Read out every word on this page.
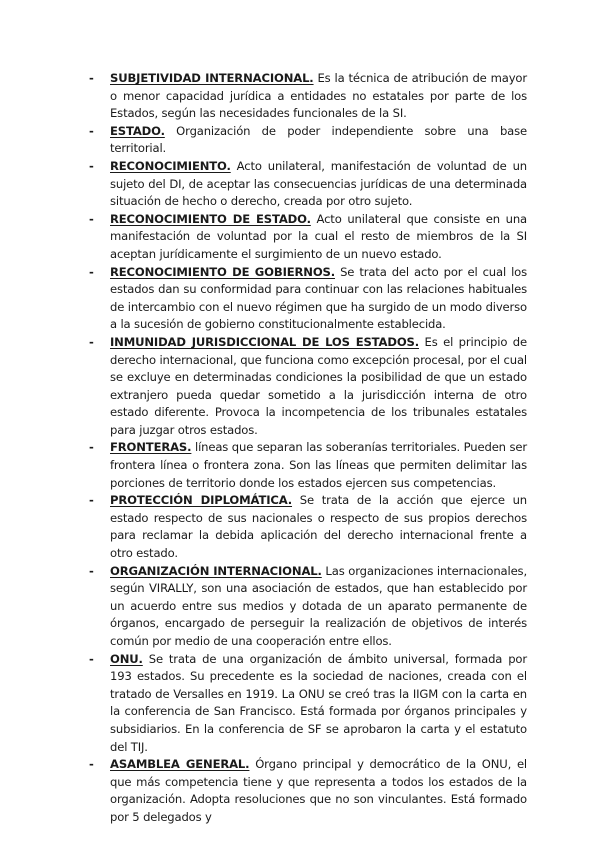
- SUBJETIVIDAD INTERNACIONAL. Es la técnica de atribución de mayor o menor capacidad jurídica a entidades no estatales por parte de los Estados, según las necesidades funcionales de la SI.
- ESTADO. Organización de poder independiente sobre una base territorial.
- RECONOCIMIENTO. Acto unilateral, manifestación de voluntad de un sujeto del DI, de aceptar las consecuencias jurídicas de una determinada situación de hecho o derecho, creada por otro sujeto.
- RECONOCIMIENTO DE ESTADO. Acto unilateral que consiste en una manifestación de voluntad por la cual el resto de miembros de la SI aceptan jurídicamente el surgimiento de un nuevo estado.
- RECONOCIMIENTO DE GOBIERNOS. Se trata del acto por el cual los estados dan su conformidad para continuar con las relaciones habituales de intercambio con el nuevo régimen que ha surgido de un modo diverso a la sucesión de gobierno constitucionalmente establecida.
- INMUNIDAD JURISDICCIONAL DE LOS ESTADOS. Es el principio de derecho internacional, que funciona como excepción procesal, por el cual se excluye en determinadas condiciones la posibilidad de que un estado extranjero pueda quedar sometido a la jurisdicción interna de otro estado diferente. Provoca la incompetencia de los tribunales estatales para juzgar otros estados.
- FRONTERAS. líneas que separan las soberanías territoriales. Pueden ser frontera línea o frontera zona. Son las líneas que permiten delimitar las porciones de territorio donde los estados ejercen sus competencias.
- PROTECCIÓN DIPLOMÁTICA. Se trata de la acción que ejerce un estado respecto de sus nacionales o respecto de sus propios derechos para reclamar la debida aplicación del derecho internacional frente a otro estado.
- ORGANIZACIÓN INTERNACIONAL. Las organizaciones internacionales, según VIRALLY, son una asociación de estados, que han establecido por un acuerdo entre sus medios y dotada de un aparato permanente de órganos, encargado de perseguir la realización de objetivos de interés común por medio de una cooperación entre ellos.
- ONU. Se trata de una organización de ámbito universal, formada por 193 estados. Su precedente es la sociedad de naciones, creada con el tratado de Versalles en 1919. La ONU se creó tras la IIGM con la carta en la conferencia de San Francisco. Está formada por órganos principales y subsidiarios. En la conferencia de SF se aprobaron la carta y el estatuto del TIJ.
- ASAMBLEA GENERAL. Órgano principal y democrático de la ONU, el que más competencia tiene y que representa a todos los estados de la organización. Adopta resoluciones que no son vinculantes. Está formado por 5 delegados y
